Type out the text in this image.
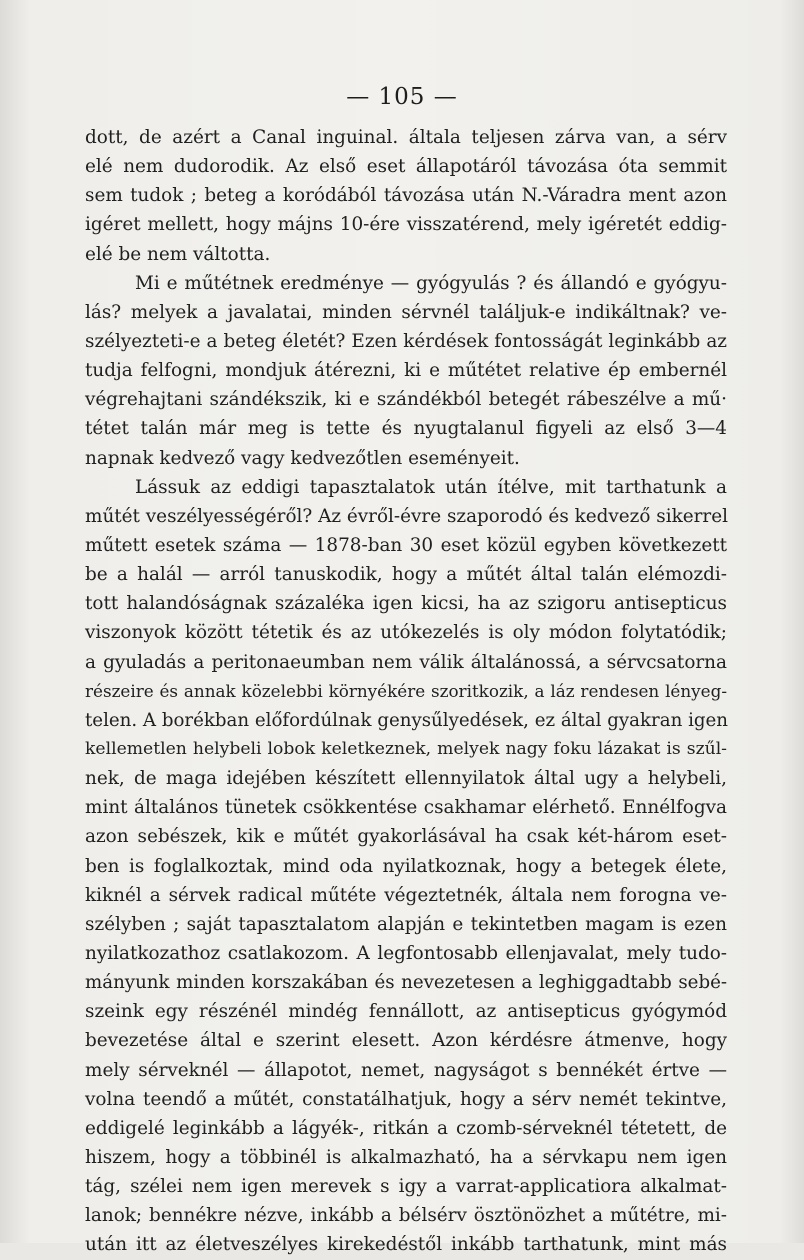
— 105 —

dott, de azért a Canal inguinal. általa teljesen zárva van, a sérv
elé nem dudorodik. Az első eset állapotáról távozása óta semmit
sem tudok ; beteg a koródából távozása után N.-Váradra ment azon
igéret mellett, hogy májns 10-ére visszatérend, mely igéretét eddig-
elé be nem váltotta.
Mi e műtétnek eredménye — gyógyulás ? és állandó e gyógyu-
lás? melyek a javalatai, minden sérvnél találjuk-e indikáltnak? ve-
szélyezteti-e a beteg életét? Ezen kérdések fontosságát leginkább az
tudja felfogni, mondjuk átérezni, ki e műtétet relative ép embernél
végrehajtani szándékszik, ki e szándékból betegét rábeszélve a mű·
tétet talán már meg is tette és nyugtalanul figyeli az első 3—4
napnak kedvező vagy kedvezőtlen eseményeit.
Lássuk az eddigi tapasztalatok után ítélve, mit tarthatunk a
műtét veszélyességéről? Az évről-évre szaporodó és kedvező sikerrel
műtett esetek száma — 1878-ban 30 eset közül egyben következett
be a halál — arról tanuskodik, hogy a műtét által talán elémozdi-
tott halandóságnak százaléka igen kicsi, ha az szigoru antisepticus
viszonyok között tétetik és az utókezelés is oly módon folytatódik;
a gyuladás a peritonaeumban nem válik általánossá, a sérvcsatorna
részeire és annak közelebbi környékére szoritkozik, a láz rendesen lényeg-
telen. A borékban előfordúlnak genysűlyedések, ez által gyakran igen
kellemetlen helybeli lobok keletkeznek, melyek nagy foku lázakat is szűl-
nek, de maga idejében készített ellennyilatok által ugy a helybeli,
mint általános tünetek csökkentése csakhamar elérhető. Ennélfogva
azon sebészek, kik e műtét gyakorlásával ha csak két-három eset-
ben is foglalkoztak, mind oda nyilatkoznak, hogy a betegek élete,
kiknél a sérvek radical műtéte végeztetnék, általa nem forogna ve-
szélyben ; saját tapasztalatom alapján e tekintetben magam is ezen
nyilatkozathoz csatlakozom. A legfontosabb ellenjavalat, mely tudo-
mányunk minden korszakában és nevezetesen a leghiggadtabb sebé-
szeink egy részénél mindég fennállott, az antisepticus gyógymód
bevezetése által e szerint elesett. Azon kérdésre átmenve, hogy
mely sérveknél — állapotot, nemet, nagyságot s bennékét értve —
volna teendő a műtét, constatálhatjuk, hogy a sérv nemét tekintve,
eddigelé leginkább a lágyék-, ritkán a czomb-sérveknél tétetett, de
hiszem, hogy a többinél is alkalmazható, ha a sérvkapu nem igen
tág, szélei nem igen merevek s igy a varrat-applicatiora alkalmat-
lanok; bennékre nézve, inkább a bélsérv ösztönözhet a műtétre, mi-
után itt az életveszélyes kirekedéstől inkább tarthatunk, mint más
